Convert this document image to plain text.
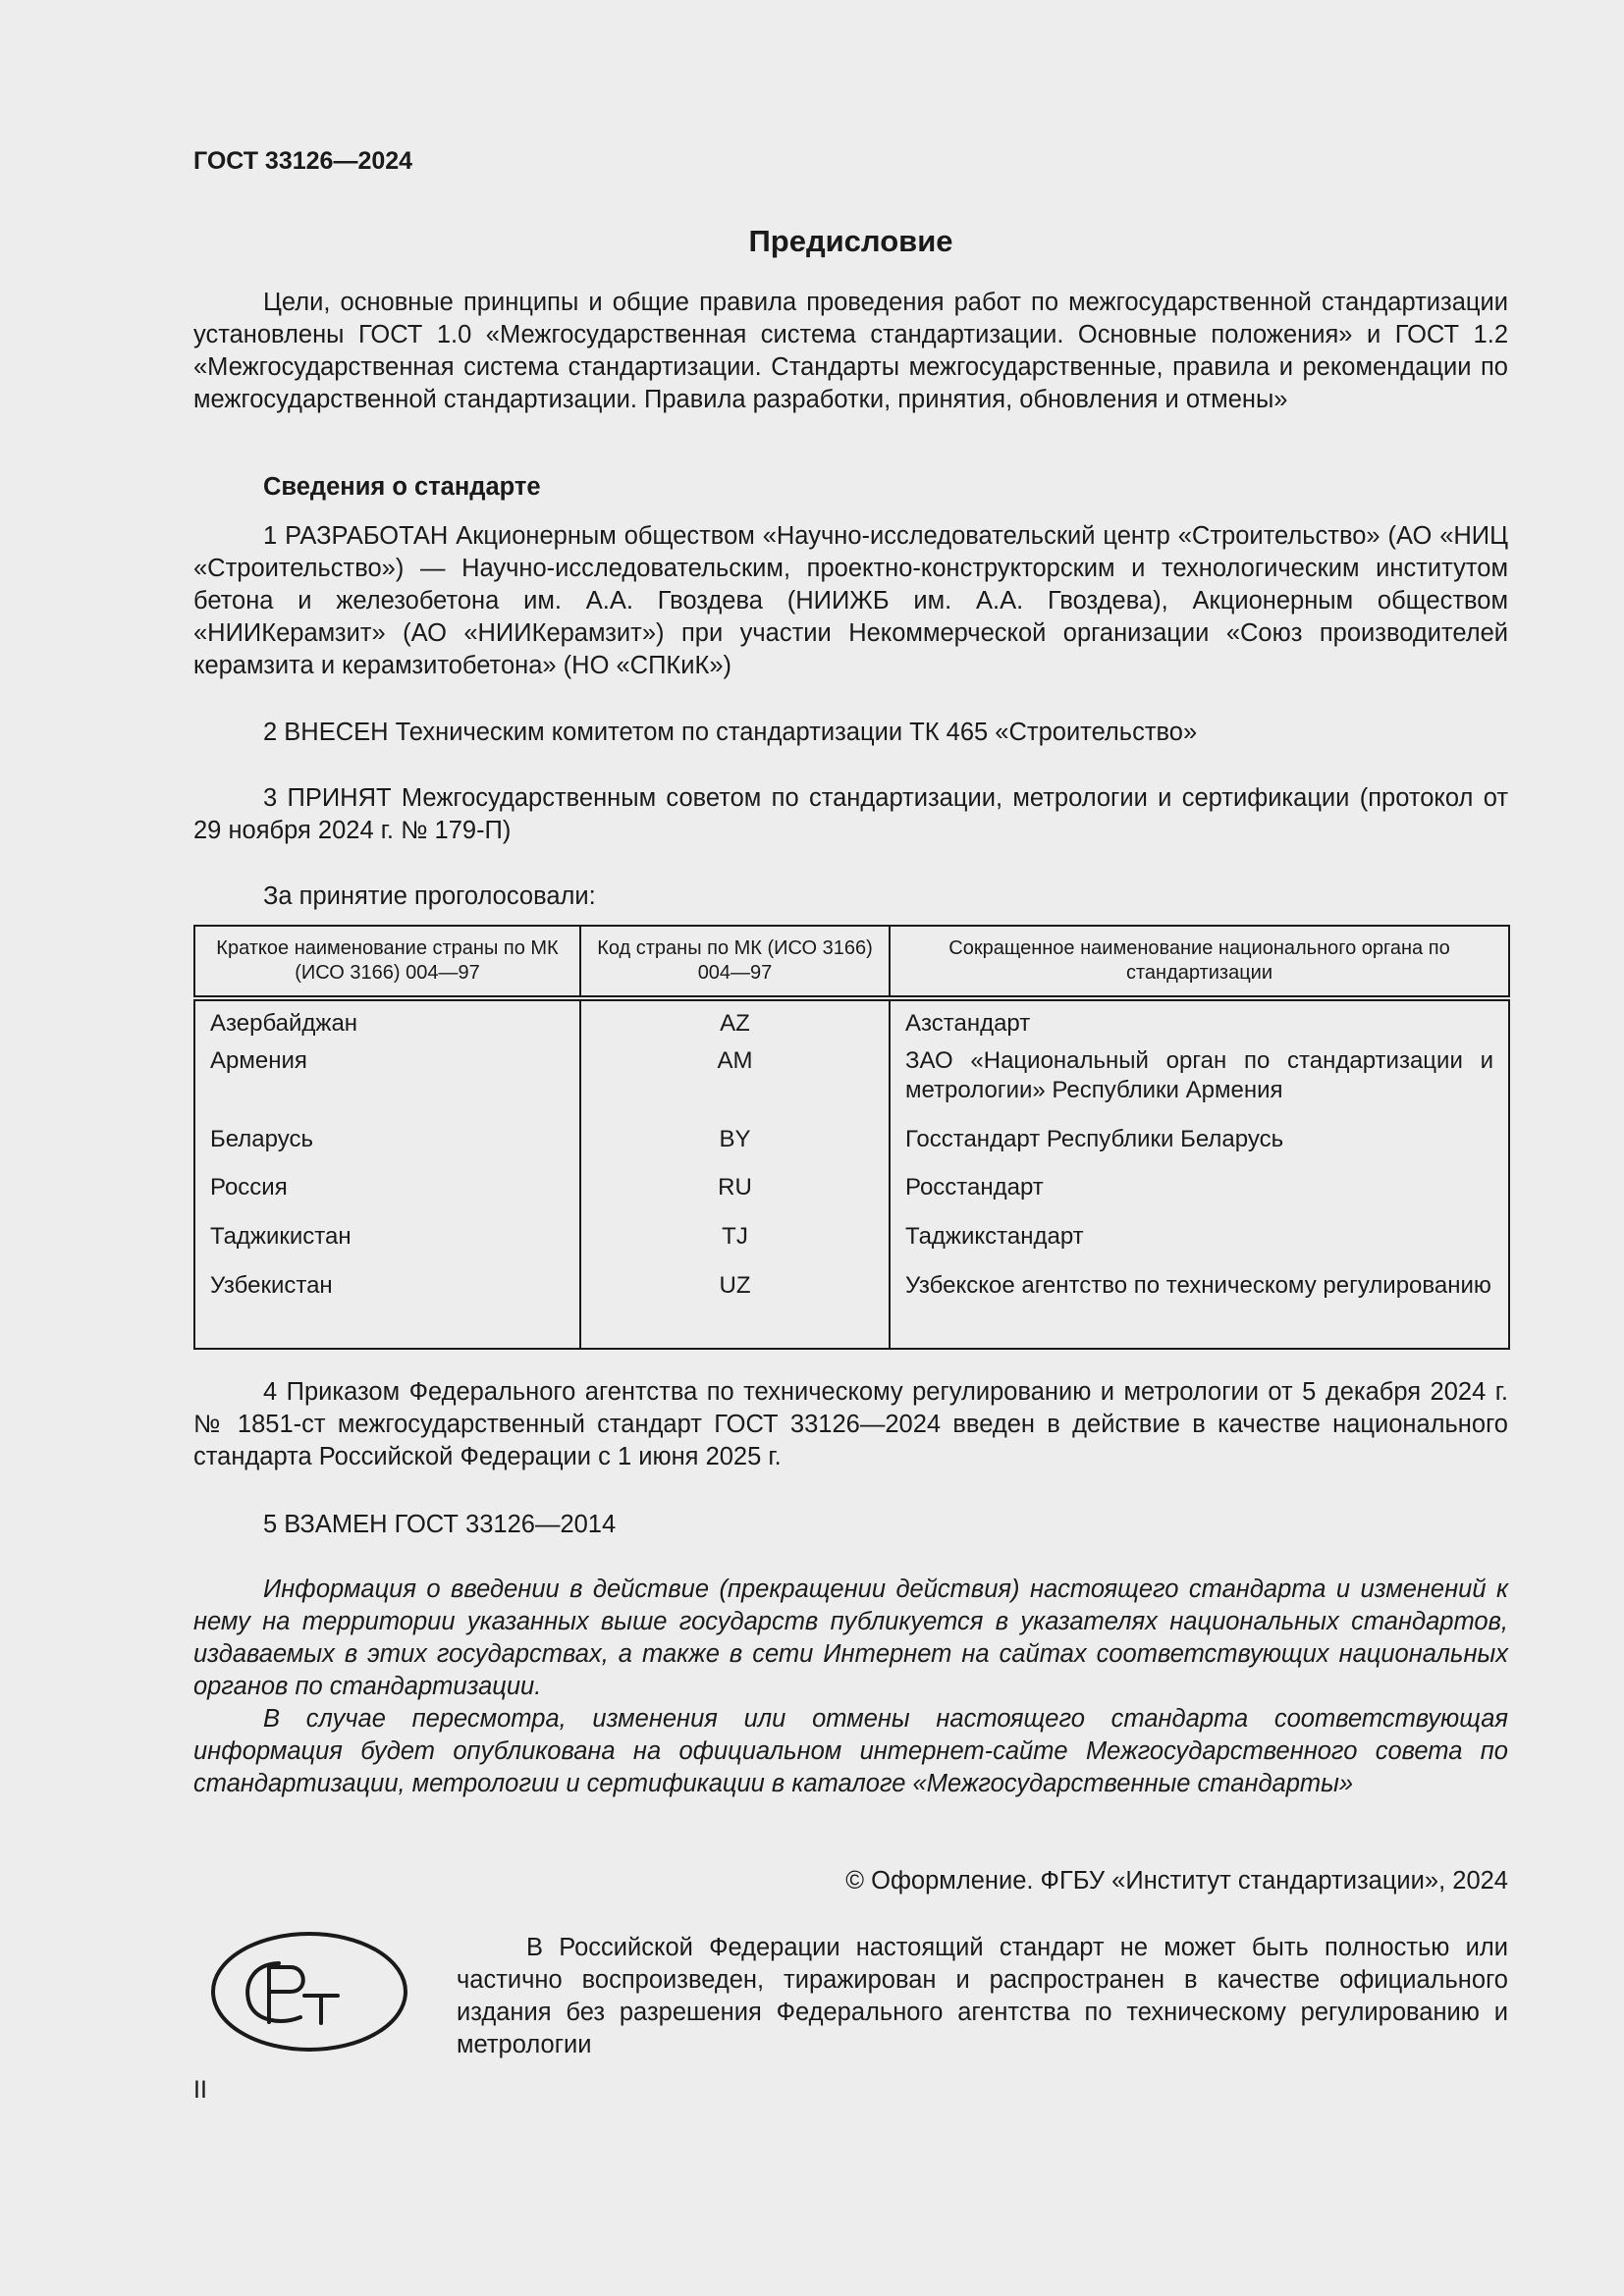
ГОСТ 33126—2024
Предисловие

Цели, основные принципы и общие правила проведения работ по межгосударственной стандартизации установлены ГОСТ 1.0 «Межгосударственная система стандартизации. Основные положения» и ГОСТ 1.2 «Межгосударственная система стандартизации. Стандарты межгосударственные, правила и рекомендации по межгосударственной стандартизации. Правила разработки, принятия, обновления и отмены»

Сведения о стандарте

1 РАЗРАБОТАН Акционерным обществом «Научно-исследовательский центр «Строительство» (АО «НИЦ «Строительство») — Научно-исследовательским, проектно-конструкторским и технологическим институтом бетона и железобетона им. А.А. Гвоздева (НИИЖБ им. А.А. Гвоздева), Акционерным обществом «НИИКерамзит» (АО «НИИКерамзит») при участии Некоммерческой организации «Союз производителей керамзита и керамзитобетона» (НО «СПКиК»)

2 ВНЕСЕН Техническим комитетом по стандартизации ТК 465 «Строительство»

3 ПРИНЯТ Межгосударственным советом по стандартизации, метрологии и сертификации (протокол от 29 ноября 2024 г. № 179-П)

За принятие проголосовали:
Краткое наименование страны по МК (ИСО 3166) 004—97	Код страны по МК (ИСО 3166) 004—97	Сокращенное наименование национального органа по стандартизации
Азербайджан	AZ	Азстандарт
Армения	AM	ЗАО «Национальный орган по стандартизации и метрологии» Республики Армения
Беларусь	BY	Госстандарт Республики Беларусь
Россия	RU	Росстандарт
Таджикистан	TJ	Таджикстандарт
Узбекистан	UZ	Узбекское агентство по техническому регулированию

4 Приказом Федерального агентства по техническому регулированию и метрологии от 5 декабря 2024 г. № 1851-ст межгосударственный стандарт ГОСТ 33126—2024 введен в действие в качестве национального стандарта Российской Федерации с 1 июня 2025 г.

5 ВЗАМЕН ГОСТ 33126—2014

Информация о введении в действие (прекращении действия) настоящего стандарта и изменений к нему на территории указанных выше государств публикуется в указателях национальных стандартов, издаваемых в этих государствах, а также в сети Интернет на сайтах соответствующих национальных органов по стандартизации.

В случае пересмотра, изменения или отмены настоящего стандарта соответствующая информация будет опубликована на официальном интернет-сайте Межгосударственного совета по стандартизации, метрологии и сертификации в каталоге «Межгосударственные стандарты»

© Оформление. ФГБУ «Институт стандартизации», 2024
В Российской Федерации настоящий стандарт не может быть полностью или частично воспроизведен, тиражирован и распространен в качестве официального издания без разрешения Федерального агентства по техническому регулированию и метрологии
II
